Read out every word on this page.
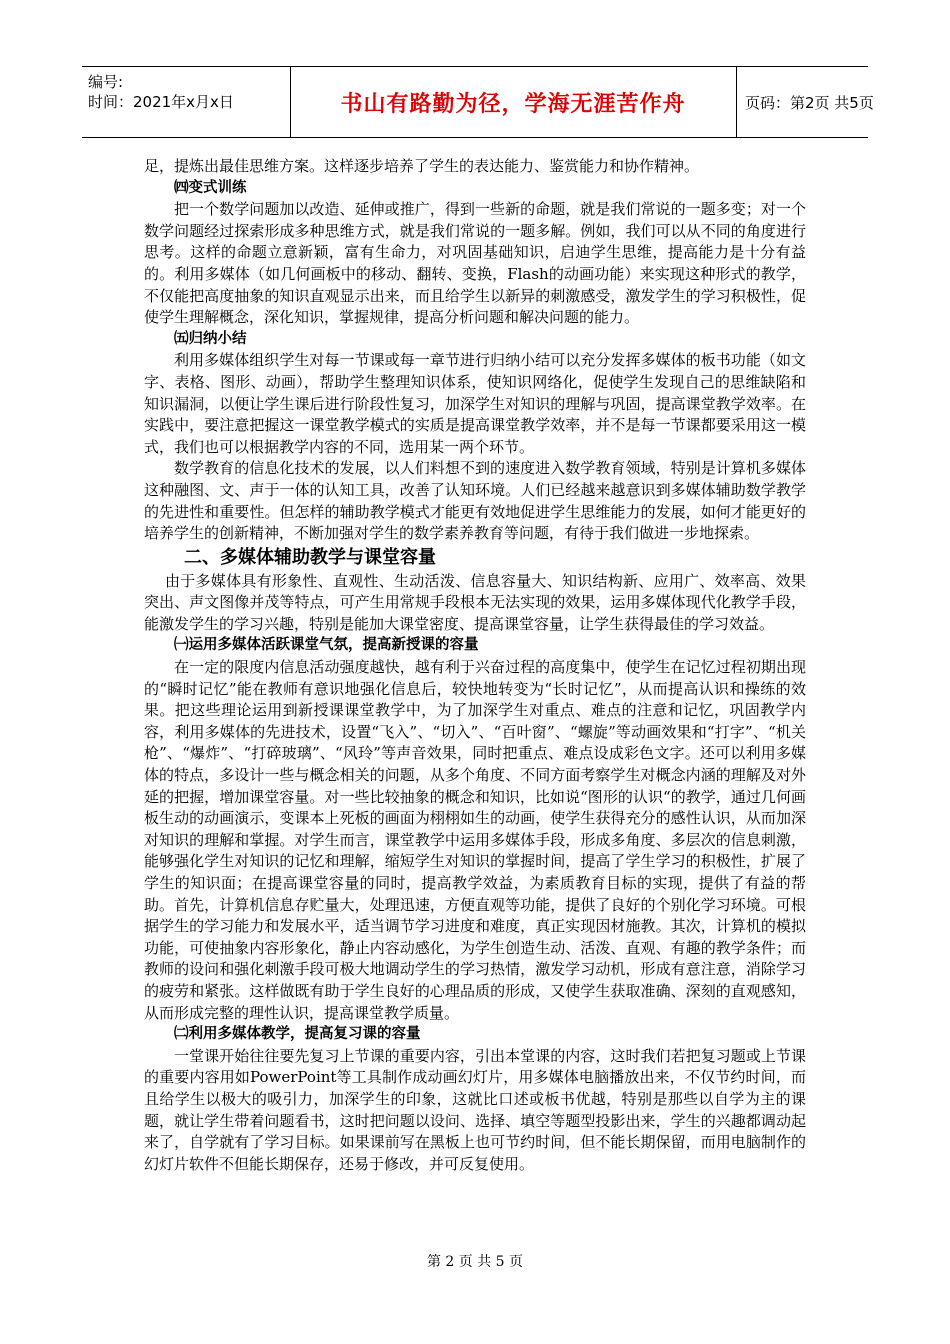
编号:
时间：2021年x月x日	书山有路勤为径，学海无涯苦作舟	页码：第2页 共5页

足，提炼出最佳思维方案。这样逐步培养了学生的表达能力、鉴赏能力和协作精神。

㈣变式训练

把一个数学问题加以改造、延伸或推广，得到一些新的命题，就是我们常说的一题多变；对一个数学问题经过探索形成多种思维方式，就是我们常说的一题多解。例如，我们可以从不同的角度进行思考。这样的命题立意新颖，富有生命力，对巩固基础知识，启迪学生思维，提高能力是十分有益的。利用多媒体（如几何画板中的移动、翻转、变换，Flash的动画功能）来实现这种形式的教学，不仅能把高度抽象的知识直观显示出来，而且给学生以新异的刺激感受，激发学生的学习积极性，促使学生理解概念，深化知识，掌握规律，提高分析问题和解决问题的能力。

㈤归纳小结

利用多媒体组织学生对每一节课或每一章节进行归纳小结可以充分发挥多媒体的板书功能（如文字、表格、图形、动画），帮助学生整理知识体系，使知识网络化，促使学生发现自己的思维缺陷和知识漏洞，以便让学生课后进行阶段性复习，加深学生对知识的理解与巩固，提高课堂教学效率。在实践中，要注意把握这一课堂教学模式的实质是提高课堂教学效率，并不是每一节课都要采用这一模式，我们也可以根据教学内容的不同，选用某一两个环节。

数学教育的信息化技术的发展，以人们料想不到的速度进入数学教育领域，特别是计算机多媒体这种融图、文、声于一体的认知工具，改善了认知环境。人们已经越来越意识到多媒体辅助数学教学的先进性和重要性。但怎样的辅助教学模式才能更有效地促进学生思维能力的发展，如何才能更好的培养学生的创新精神，不断加强对学生的数学素养教育等问题，有待于我们做进一步地探索。

二、多媒体辅助教学与课堂容量

由于多媒体具有形象性、直观性、生动活泼、信息容量大、知识结构新、应用广、效率高、效果突出、声文图像并茂等特点，可产生用常规手段根本无法实现的效果，运用多媒体现代化教学手段，能激发学生的学习兴趣，特别是能加大课堂密度、提高课堂容量，让学生获得最佳的学习效益。

㈠运用多媒体活跃课堂气氛，提高新授课的容量

在一定的限度内信息活动强度越快，越有利于兴奋过程的高度集中，使学生在记忆过程初期出现的“瞬时记忆”能在教师有意识地强化信息后，较快地转变为“长时记忆”，从而提高认识和操练的效果。把这些理论运用到新授课课堂教学中，为了加深学生对重点、难点的注意和记忆，巩固教学内容，利用多媒体的先进技术，设置“飞入”、“切入”、“百叶窗”、“螺旋”等动画效果和“打字”、“机关枪”、“爆炸”、“打碎玻璃”、“风玲”等声音效果，同时把重点、难点设成彩色文字。还可以利用多媒体的特点，多设计一些与概念相关的问题，从多个角度、不同方面考察学生对概念内涵的理解及对外延的把握，增加课堂容量。对一些比较抽象的概念和知识，比如说“图形的认识“的教学，通过几何画板生动的动画演示，变课本上死板的画面为栩栩如生的动画，使学生获得充分的感性认识，从而加深对知识的理解和掌握。对学生而言，课堂教学中运用多媒体手段，形成多角度、多层次的信息刺激，能够强化学生对知识的记忆和理解，缩短学生对知识的掌握时间，提高了学生学习的积极性，扩展了学生的知识面；在提高课堂容量的同时，提高教学效益，为素质教育目标的实现，提供了有益的帮助。首先，计算机信息存贮量大，处理迅速，方便直观等功能，提供了良好的个别化学习环境。可根据学生的学习能力和发展水平，适当调节学习进度和难度，真正实现因材施教。其次，计算机的模拟功能，可使抽象内容形象化，静止内容动感化，为学生创造生动、活泼、直观、有趣的教学条件；而教师的设问和强化刺激手段可极大地调动学生的学习热情，激发学习动机，形成有意注意，消除学习的疲劳和紧张。这样做既有助于学生良好的心理品质的形成，又使学生获取准确、深刻的直观感知，从而形成完整的理性认识，提高课堂教学质量。

㈡利用多媒体教学，提高复习课的容量

一堂课开始往往要先复习上节课的重要内容，引出本堂课的内容，这时我们若把复习题或上节课的重要内容用如PowerPoint等工具制作成动画幻灯片，用多媒体电脑播放出来，不仅节约时间，而且给学生以极大的吸引力，加深学生的印象，这就比口述或板书优越，特别是那些以自学为主的课题，就让学生带着问题看书，这时把问题以设问、选择、填空等题型投影出来，学生的兴趣都调动起来了，自学就有了学习目标。如果课前写在黑板上也可节约时间，但不能长期保留，而用电脑制作的幻灯片软件不但能长期保存，还易于修改，并可反复使用。

第 2 页 共 5 页
